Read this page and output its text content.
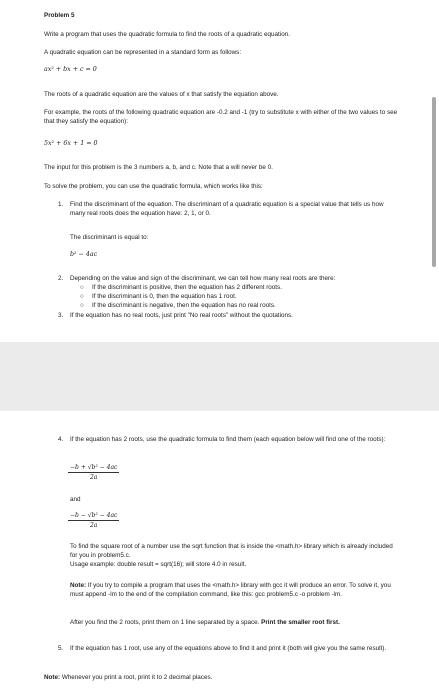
Problem 5
Write a program that uses the quadratic formula to find the roots of a quadratic equation.
A quadratic equation can be represented in a standard form as follows:
ax² + bx + c = 0
The roots of a quadratic equation are the values of x that satisfy the equation above.
For example, the roots of the following quadratic equation are -0.2 and -1 (try to substitute x with either of the two values to see that they satisfy the equation):
5x² + 6x + 1 = 0
The input for this problem is the 3 numbers a, b, and c. Note that a will never be 0.
To solve the problem, you can use the quadratic formula, which works like this:
1. Find the discriminant of the equation. The discriminant of a quadratic equation is a special value that tells us how many real roots does the equation have: 2, 1, or 0.
The discriminant is equal to:
b² − 4ac
2. Depending on the value and sign of the discriminant, we can tell how many real roots are there:
○ If the discriminant is positive, then the equation has 2 different roots.
○ If the discriminant is 0, then the equation has 1 root.
○ If the discriminant is negative, then the equation has no real roots.
3. If the equation has no real roots, just print "No real roots" without the quotations.
4. If the equation has 2 roots, use the quadratic formula to find them (each equation below will find one of the roots):
$\frac{\text{−b + √b² − 4ac}}{2a}$
and
$\frac{\text{−b − √b² − 4ac}}{2a}$
To find the square root of a number use the sqrt function that is inside the <math.h> library which is already included for you in problem5.c.
Usage example: double result = sqrt(16); will store 4.0 in result.
Note: If you try to compile a program that uses the <math.h> library with gcc it will produce an error. To solve it, you must append -lm to the end of the compilation command, like this: gcc problem5.c -o problem -lm.
After you find the 2 roots, print them on 1 line separated by a space. Print the smaller root first.
5. If the equation has 1 root, use any of the equations above to find it and print it (both will give you the same result).
Note: Whenever you print a root, print it to 2 decimal places.
